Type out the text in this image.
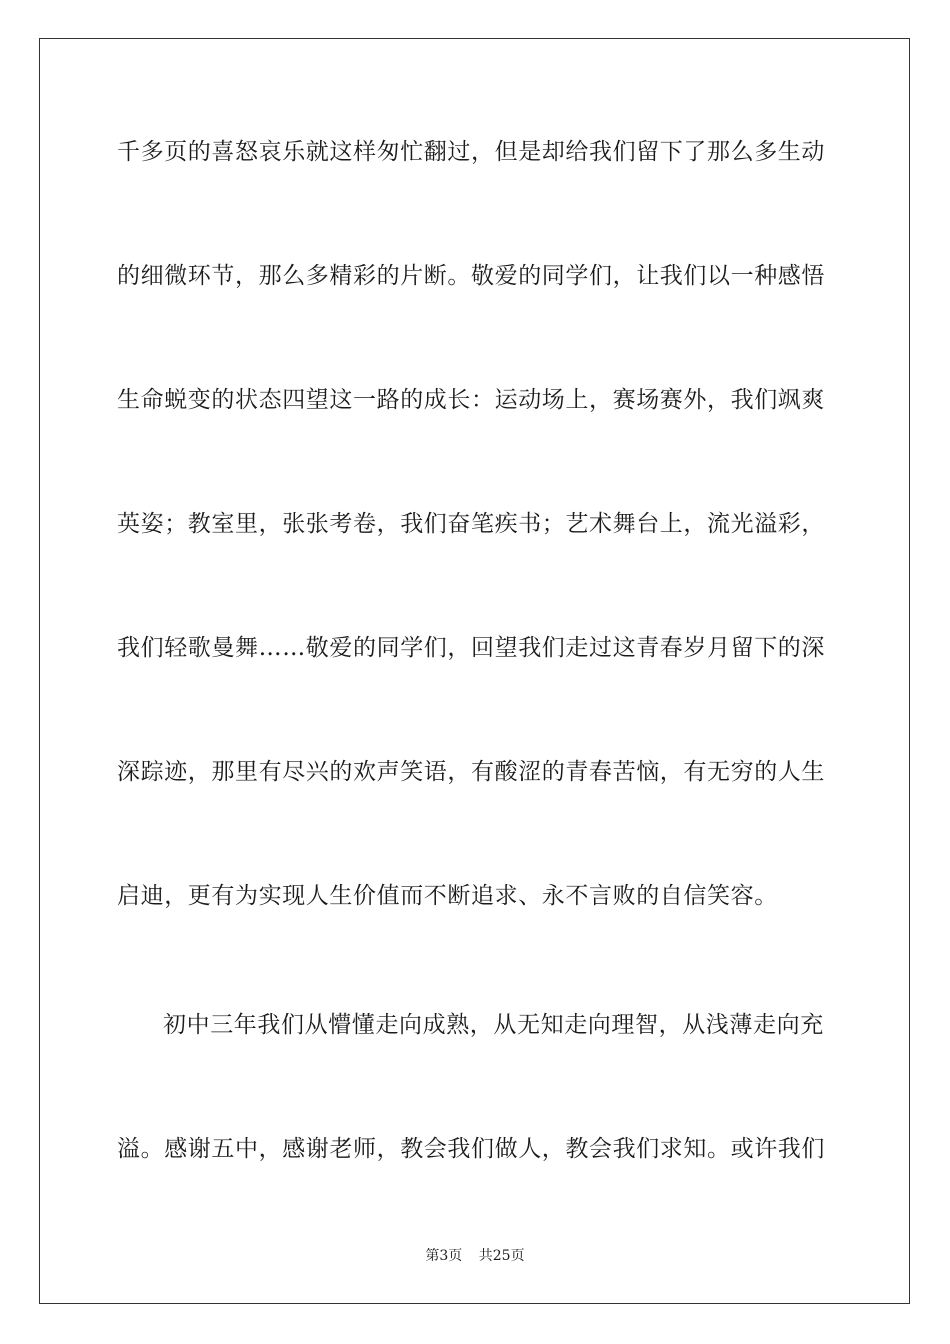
千多页的喜怒哀乐就这样匆忙翻过，但是却给我们留下了那么多生动
的细微环节，那么多精彩的片断。敬爱的同学们，让我们以一种感悟
生命蜕变的状态四望这一路的成长：运动场上，赛场赛外，我们飒爽
英姿；教室里，张张考卷，我们奋笔疾书；艺术舞台上，流光溢彩，
我们轻歌曼舞……敬爱的同学们，回望我们走过这青春岁月留下的深
深踪迹，那里有尽兴的欢声笑语，有酸涩的青春苦恼，有无穷的人生
启迪，更有为实现人生价值而不断追求、永不言败的自信笑容。
初中三年我们从懵懂走向成熟，从无知走向理智，从浅薄走向充
溢。感谢五中，感谢老师，教会我们做人，教会我们求知。或许我们
第3页 共25页
